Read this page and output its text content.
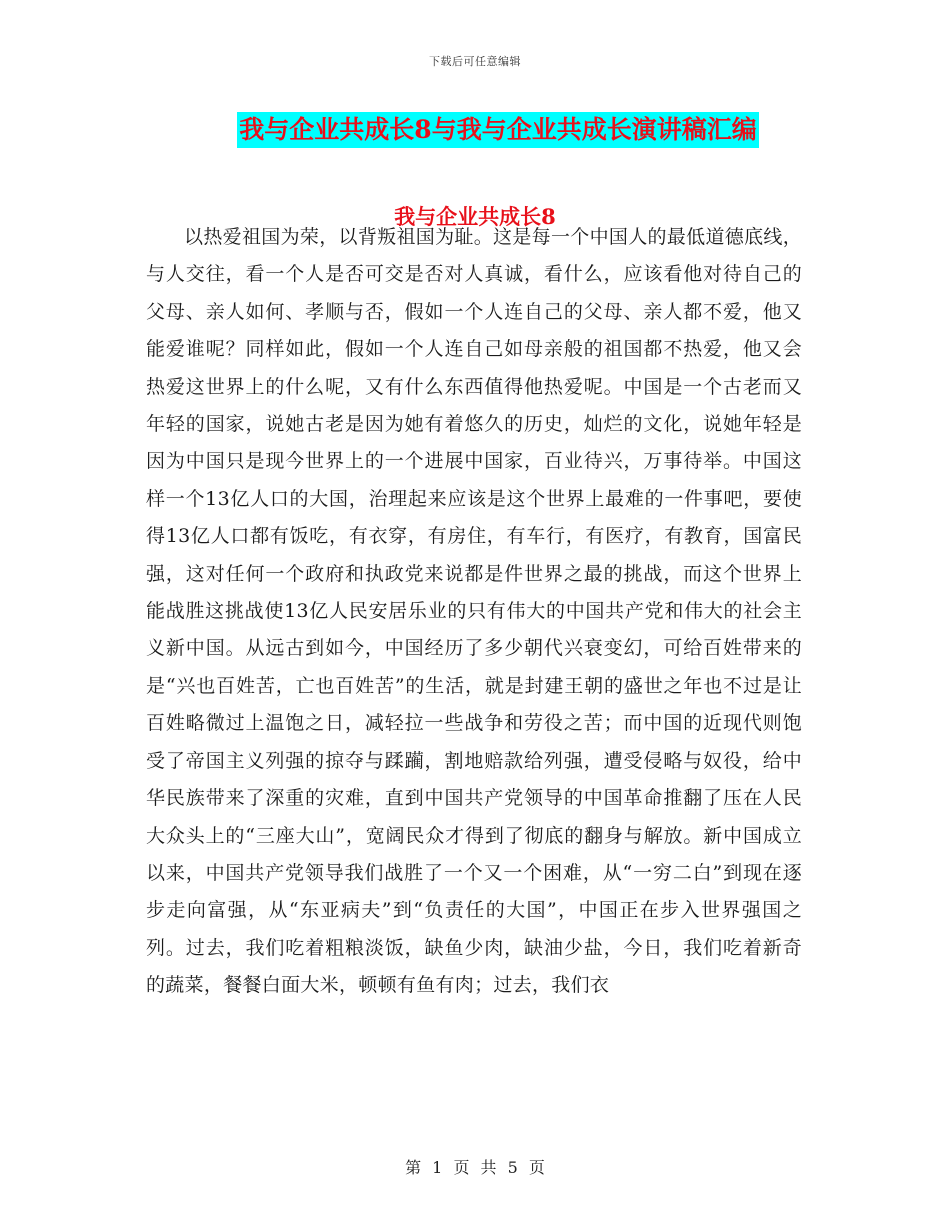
下载后可任意编辑
我与企业共成长8与我与企业共成长演讲稿汇编
我与企业共成长8

以热爱祖国为荣，以背叛祖国为耻。这是每一个中国人的最低道德底线，与人交往，看一个人是否可交是否对人真诚，看什么，应该看他对待自己的父母、亲人如何、孝顺与否，假如一个人连自己的父母、亲人都不爱，他又能爱谁呢？同样如此，假如一个人连自己如母亲般的祖国都不热爱，他又会热爱这世界上的什么呢，又有什么东西值得他热爱呢。中国是一个古老而又年轻的国家，说她古老是因为她有着悠久的历史，灿烂的文化，说她年轻是因为中国只是现今世界上的一个进展中国家，百业待兴，万事待举。中国这样一个13亿人口的大国，治理起来应该是这个世界上最难的一件事吧，要使得13亿人口都有饭吃，有衣穿，有房住，有车行，有医疗，有教育，国富民强，这对任何一个政府和执政党来说都是件世界之最的挑战，而这个世界上能战胜这挑战使13亿人民安居乐业的只有伟大的中国共产党和伟大的社会主义新中国。从远古到如今，中国经历了多少朝代兴衰变幻，可给百姓带来的是“兴也百姓苦，亡也百姓苦”的生活，就是封建王朝的盛世之年也不过是让百姓略微过上温饱之日，减轻拉一些战争和劳役之苦；而中国的近现代则饱受了帝国主义列强的掠夺与蹂躏，割地赔款给列强，遭受侵略与奴役，给中华民族带来了深重的灾难，直到中国共产党领导的中国革命推翻了压在人民大众头上的“三座大山”，宽阔民众才得到了彻底的翻身与解放。新中国成立以来，中国共产党领导我们战胜了一个又一个困难，从“一穷二白”到现在逐步走向富强，从“东亚病夫”到“负责任的大国”，中国正在步入世界强国之列。过去，我们吃着粗粮淡饭，缺鱼少肉，缺油少盐，今日，我们吃着新奇的蔬菜，餐餐白面大米，顿顿有鱼有肉；过去，我们衣

第 1 页 共 5 页
